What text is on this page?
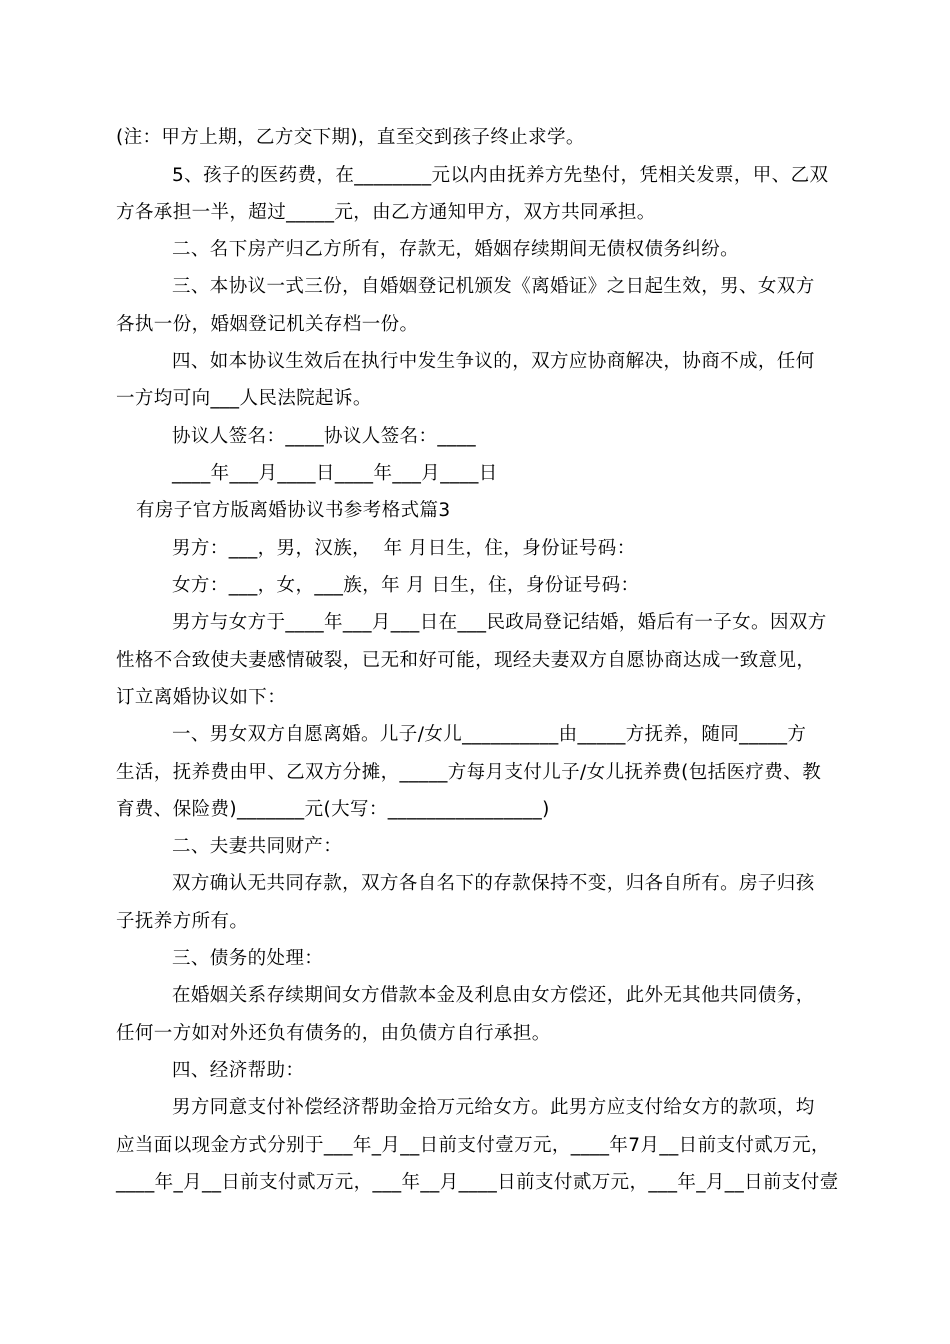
(注：甲方上期，乙方交下期)，直至交到孩子终止求学。
5、孩子的医药费，在________元以内由抚养方先垫付，凭相关发票，甲、乙双
方各承担一半，超过_____元，由乙方通知甲方，双方共同承担。
二、名下房产归乙方所有，存款无，婚姻存续期间无债权债务纠纷。
三、本协议一式三份，自婚姻登记机颁发《离婚证》之日起生效，男、女双方
各执一份，婚姻登记机关存档一份。
四、如本协议生效后在执行中发生争议的，双方应协商解决，协商不成，任何
一方均可向___人民法院起诉。
协议人签名：____协议人签名：____
____年___月____日____年___月____日
有房子官方版离婚协议书参考格式篇3
男方：___，男，汉族，  年 月日生，住，身份证号码：
女方：___，女，___族，年 月 日生，住，身份证号码：
男方与女方于____年___月___日在___民政局登记结婚，婚后有一子女。因双方
性格不合致使夫妻感情破裂，已无和好可能，现经夫妻双方自愿协商达成一致意见，
订立离婚协议如下：
一、男女双方自愿离婚。儿子/女儿__________由_____方抚养，随同_____方
生活，抚养费由甲、乙双方分摊，_____方每月支付儿子/女儿抚养费(包括医疗费、教
育费、保险费)_______元(大写：________________)
二、夫妻共同财产：
双方确认无共同存款，双方各自名下的存款保持不变，归各自所有。房子归孩
子抚养方所有。
三、债务的处理：
在婚姻关系存续期间女方借款本金及利息由女方偿还，此外无其他共同债务，
任何一方如对外还负有债务的，由负债方自行承担。
四、经济帮助：
男方同意支付补偿经济帮助金拾万元给女方。此男方应支付给女方的款项，均
应当面以现金方式分别于___年_月__日前支付壹万元，____年7月__日前支付贰万元，
____年_月__日前支付贰万元，___年__月____日前支付贰万元，___年_月__日前支付壹
